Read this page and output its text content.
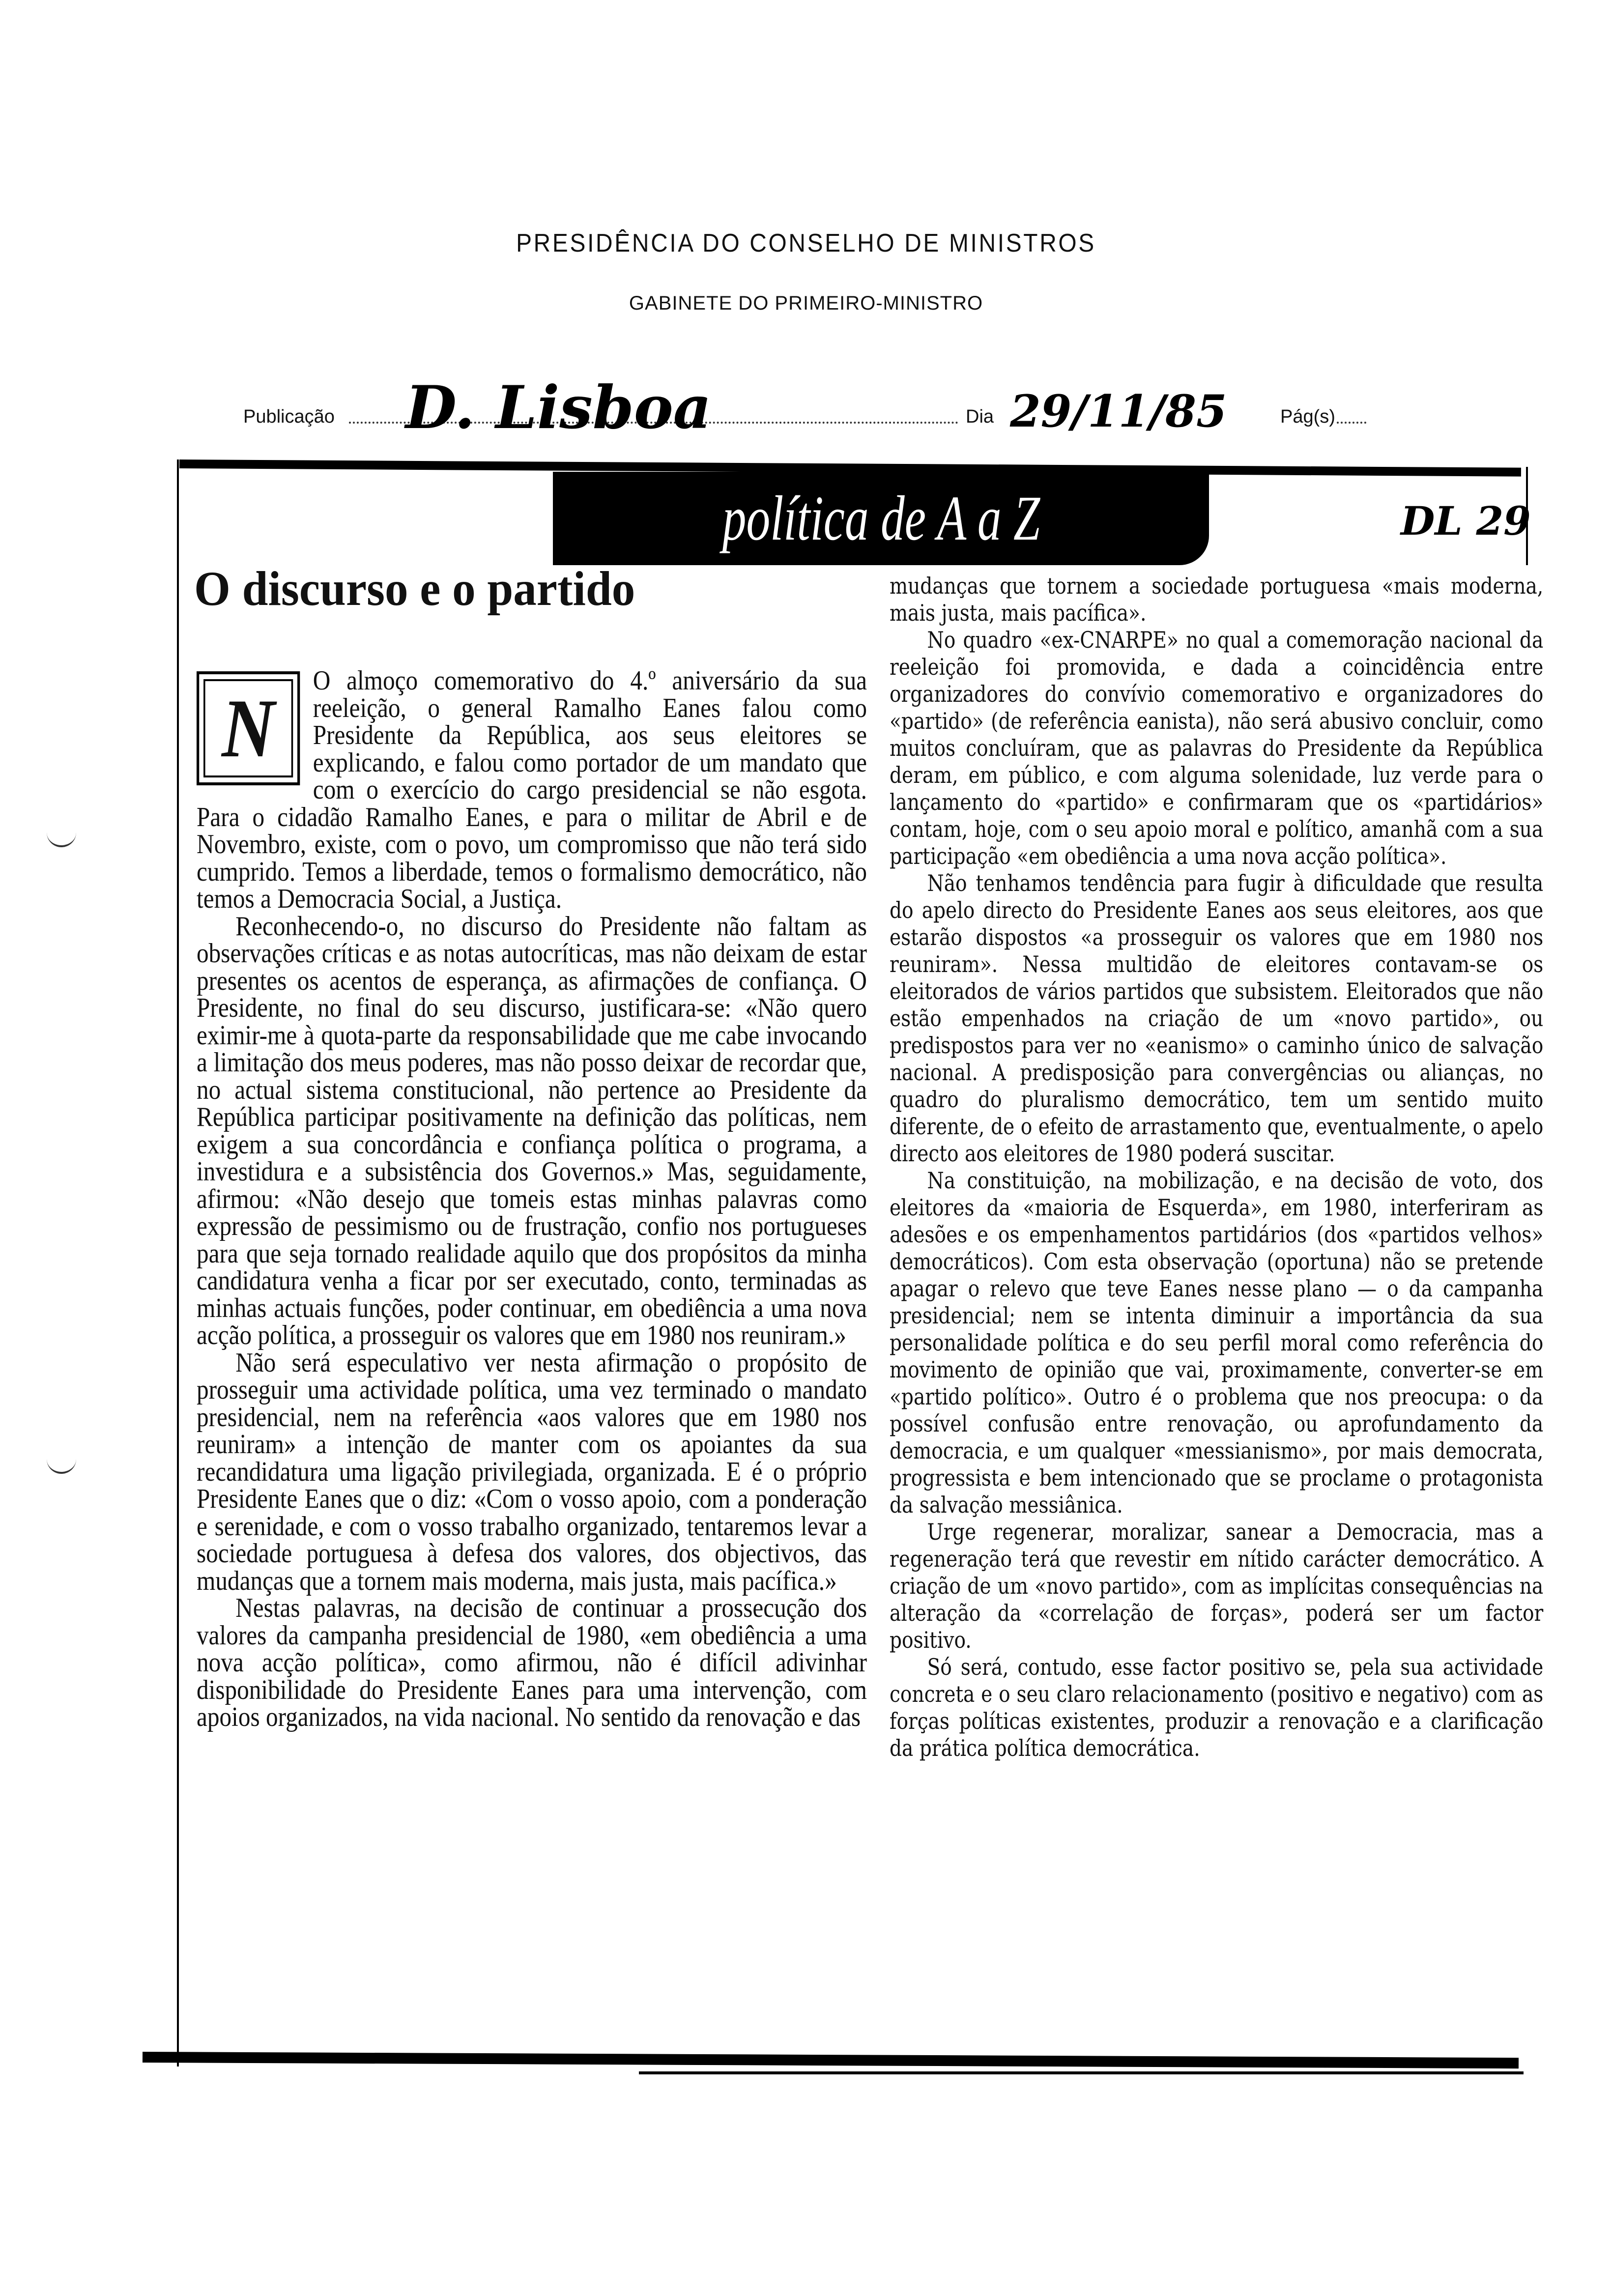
PRESIDÊNCIA DO CONSELHO DE MINISTROS
GABINETE DO PRIMEIRO-MINISTRO
Publicação D. Lisboa	Dia 29/11/85	Pág(s)
política de A a Z	DL 29
O discurso e o partido
N

O almoço comemorativo do 4.º aniversário da sua reeleição, o general Ramalho Eanes falou como Presidente da República, aos seus eleitores se explicando, e falou como portador de um mandato que com o exercício do cargo presidencial se não esgota. Para o cidadão Ramalho Eanes, e para o militar de Abril e de Novembro, existe, com o povo, um compromisso que não terá sido cumprido. Temos a liberdade, temos o formalismo democrático, não temos a Democracia Social, a Justiça.

Reconhecendo-o, no discurso do Presidente não faltam as observações críticas e as notas autocríticas, mas não deixam de estar presentes os acentos de esperança, as afirmações de confiança. O Presidente, no final do seu discurso, justificara-se: «Não quero eximir-me à quota-parte da responsabilidade que me cabe invocando a limitação dos meus poderes, mas não posso deixar de recordar que, no actual sistema constitucional, não pertence ao Presidente da República participar positivamente na definição das políticas, nem exigem a sua concordância e confiança política o programa, a investidura e a subsistência dos Governos.» Mas, seguidamente, afirmou: «Não desejo que tomeis estas minhas palavras como expressão de pessimismo ou de frustração, confio nos portugueses para que seja tornado realidade aquilo que dos propósitos da minha candidatura venha a ficar por ser executado, conto, terminadas as minhas actuais funções, poder continuar, em obediência a uma nova acção política, a prosseguir os valores que em 1980 nos reuniram.»

Não será especulativo ver nesta afirmação o propósito de prosseguir uma actividade política, uma vez terminado o mandato presidencial, nem na referência «aos valores que em 1980 nos reuniram» a intenção de manter com os apoiantes da sua recandidatura uma ligação privilegiada, organizada. E é o próprio Presidente Eanes que o diz: «Com o vosso apoio, com a ponderação e serenidade, e com o vosso trabalho organizado, tentaremos levar a sociedade portuguesa à defesa dos valores, dos objectivos, das mudanças que a tornem mais moderna, mais justa, mais pacífica.»

Nestas palavras, na decisão de continuar a prossecução dos valores da campanha presidencial de 1980, «em obediência a uma nova acção política», como afirmou, não é difícil adivinhar disponibilidade do Presidente Eanes para uma intervenção, com apoios organizados, na vida nacional. No sentido da renovação e das

mudanças que tornem a sociedade portuguesa «mais moderna, mais justa, mais pacífica».

No quadro «ex-CNARPE» no qual a comemoração nacional da reeleição foi promovida, e dada a coincidência entre organizadores do convívio comemorativo e organizadores do «partido» (de referência eanista), não será abusivo concluir, como muitos concluíram, que as palavras do Presidente da República deram, em público, e com alguma solenidade, luz verde para o lançamento do «partido» e confirmaram que os «partidários» contam, hoje, com o seu apoio moral e político, amanhã com a sua participação «em obediência a uma nova acção política».

Não tenhamos tendência para fugir à dificuldade que resulta do apelo directo do Presidente Eanes aos seus eleitores, aos que estarão dispostos «a prosseguir os valores que em 1980 nos reuniram». Nessa multidão de eleitores contavam-se os eleitorados de vários partidos que subsistem. Eleitorados que não estão empenhados na criação de um «novo partido», ou predispostos para ver no «eanismo» o caminho único de salvação nacional. A predisposição para convergências ou alianças, no quadro do pluralismo democrático, tem um sentido muito diferente, de o efeito de arrastamento que, eventualmente, o apelo directo aos eleitores de 1980 poderá suscitar.

Na constituição, na mobilização, e na decisão de voto, dos eleitores da «maioria de Esquerda», em 1980, interferiram as adesões e os empenhamentos partidários (dos «partidos velhos» democráticos). Com esta observação (oportuna) não se pretende apagar o relevo que teve Eanes nesse plano — o da campanha presidencial; nem se intenta diminuir a importância da sua personalidade política e do seu perfil moral como referência do movimento de opinião que vai, proximamente, converter-se em «partido político». Outro é o problema que nos preocupa: o da possível confusão entre renovação, ou aprofundamento da democracia, e um qualquer «messianismo», por mais democrata, progressista e bem intencionado que se proclame o protagonista da salvação messiânica.

Urge regenerar, moralizar, sanear a Democracia, mas a regeneração terá que revestir em nítido carácter democrático. A criação de um «novo partido», com as implícitas consequências na alteração da «correlação de forças», poderá ser um factor positivo.

Só será, contudo, esse factor positivo se, pela sua actividade concreta e o seu claro relacionamento (positivo e negativo) com as forças políticas existentes, produzir a renovação e a clarificação da prática política democrática.
